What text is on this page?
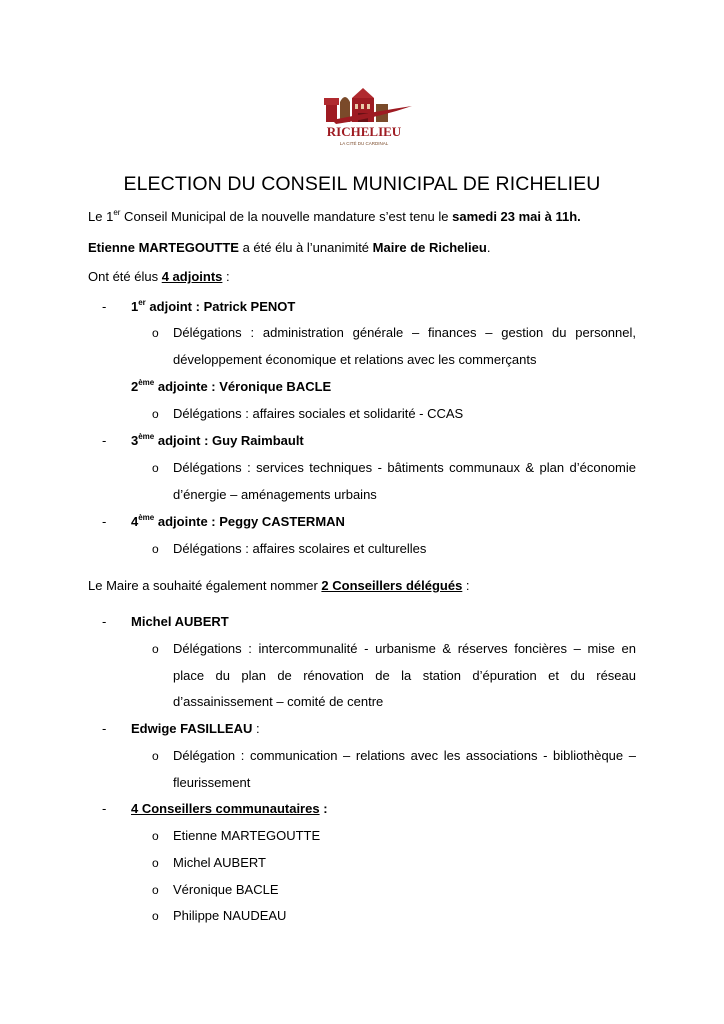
RICHELIEU
LA CITÉ DU CARDINAL
ELECTION DU CONSEIL MUNICIPAL DE RICHELIEU
Le 1er Conseil Municipal de la nouvelle mandature s’est tenu le samedi 23 mai à 11h.
Etienne MARTEGOUTTE a été élu à l’unanimité Maire de Richelieu.
Ont été élus 4 adjoints :
- 1er adjoint : Patrick PENOT
o Délégations : administration générale – finances – gestion du personnel,
développement économique et relations avec les commerçants
2ème adjointe : Véronique BACLE
o Délégations : affaires sociales et solidarité - CCAS
- 3ème adjoint : Guy Raimbault
o Délégations : services techniques - bâtiments communaux & plan d’économie
d’énergie – aménagements urbains
- 4ème adjointe : Peggy CASTERMAN
o Délégations : affaires scolaires et culturelles
Le Maire a souhaité également nommer 2 Conseillers délégués :
- Michel AUBERT
o Délégations : intercommunalité - urbanisme & réserves foncières – mise en
place du plan de rénovation de la station d’épuration et du réseau
d’assainissement – comité de centre
- Edwige FASILLEAU :
o Délégation : communication – relations avec les associations - bibliothèque –
fleurissement
- 4 Conseillers communautaires :
o Etienne MARTEGOUTTE
o Michel AUBERT
o Véronique BACLE
o Philippe NAUDEAU
